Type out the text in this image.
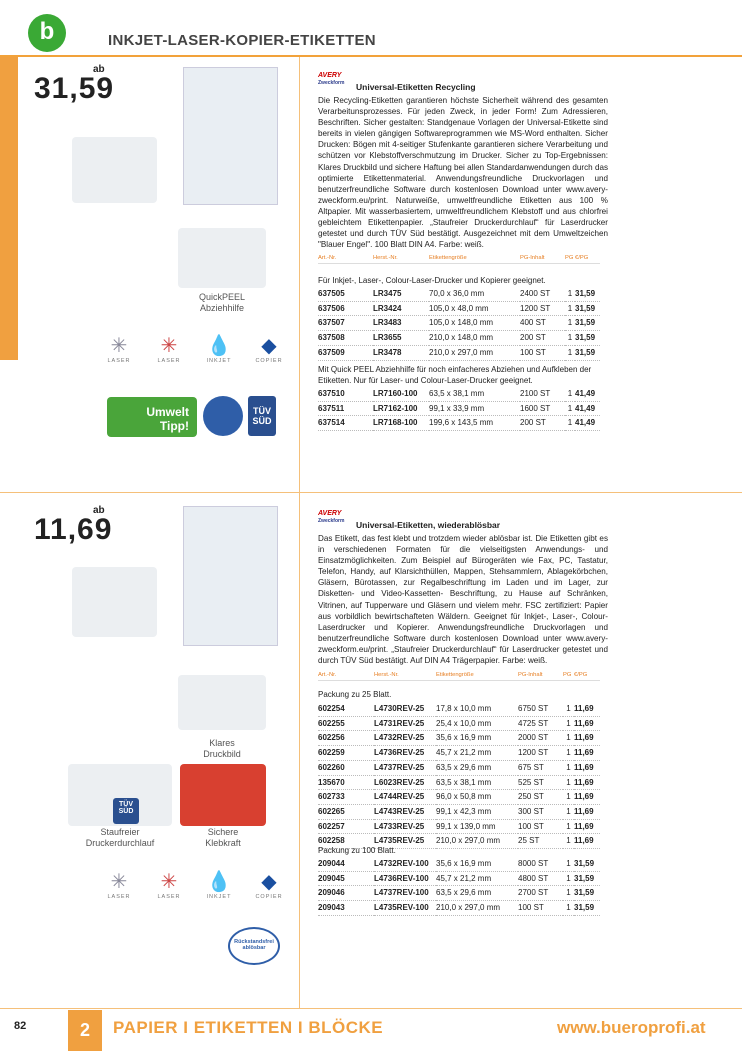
b	INKJET-LASER-KOPIER-ETIKETTEN
ab
31,59
QuickPEEL
Abziehhilfe
✳
LASER
✳
LASER
💧
INKJET
◆
COPIER
Umwelt
Tipp!
TÜV
SÜD
AVERY
Zweckform	Universal-Etiketten Recycling
Die Recycling-Etiketten garantieren höchste Sicherheit während des gesamten Verarbeitunsprozesses. Für jeden Zweck, in jeder Form! Zum Adressieren, Beschriften. Sicher gestalten: Standgenaue Vorlagen der Universal-Etikette sind bereits in vielen gängigen Softwareprogrammen wie MS-Word enthalten. Sicher Drucken: Bögen mit 4-seitiger Stufenkante garantieren sichere Verarbeitung und schützen vor Klebstoffverschmutzung im Drucker. Sicher zu Top-Ergebnissen: Klares Druckbild und sichere Haftung bei allen Standardanwendungen durch das optimierte Etikettenmaterial. Anwendungsfreundliche Druckvorlagen und benutzerfreundliche Software durch kostenlosen Download unter www.avery-zweckform.eu/print. Naturweiße, umweltfreundliche Etiketten aus 100 % Altpapier. Mit wasserbasiertem, umweltfreundlichem Klebstoff und aus chlorfrei gebleichtem Etikettenpapier. „Staufreier Druckerdurchlauf“ für Laserdrucker getestet und durch TÜV Süd bestätigt. Ausgezeichnet mit dem Umweltzeichen "Blauer Engel". 100 Blatt DIN A4. Farbe: weiß.
Art.-Nr.	Herst.-Nr.	Etikettengröße	PG-Inhalt	PG	€/PG
Für Inkjet-, Laser-, Colour-Laser-Drucker und Kopierer geeignet.
637505	LR3475	70,0 x 36,0 mm	2400 ST	1	31,59
637506	LR3424	105,0 x 48,0 mm	1200 ST	1	31,59
637507	LR3483	105,0 x 148,0 mm	400 ST	1	31,59
637508	LR3655	210,0 x 148,0 mm	200 ST	1	31,59
637509	LR3478	210,0 x 297,0 mm	100 ST	1	31,59
Mit Quick PEEL Abziehhilfe für noch einfacheres Abziehen und Aufkleben der Etiketten. Nur für Laser- und Colour-Laser-Drucker geeignet.
637510	LR7160-100	63,5 x 38,1 mm	2100 ST	1	41,49
637511	LR7162-100	99,1 x 33,9 mm	1600 ST	1	41,49
637514	LR7168-100	199,6 x 143,5 mm	200 ST	1	41,49
ab
11,69
Klares
Druckbild
TÜV
SÜD
Staufreier
Druckerdurchlauf
Sichere
Klebkraft
✳
LASER
✳
LASER
💧
INKJET
◆
COPIER
Rückstandsfrei
ablösbar
AVERY
Zweckform	Universal-Etiketten, wiederablösbar
Das Etikett, das fest klebt und trotzdem wieder ablösbar ist. Die Etiketten gibt es in verschiedenen Formaten für die vielseitigsten Anwendungs- und Einsatzmöglichkeiten. Zum Beispiel auf Bürogeräten wie Fax, PC, Tastatur, Telefon, Handy, auf Klarsichthüllen, Mappen, Stehsammlern, Ablagekörbchen, Gläsern, Bürotassen, zur Regalbeschriftung im Laden und im Lager, zur Disketten- und Video-Kassetten- Beschriftung, zu Hause auf Schränken, Vitrinen, auf Tupperware und Gläsern und vielem mehr. FSC zertifiziert: Papier aus vorbildlich bewirtschafteten Wäldern. Geeignet für Inkjet-, Laser-, Colour-Laserdrucker und Kopierer. Anwendungsfreundliche Druckvorlagen und benutzerfreundliche Software durch kostenlosen Download unter www.avery-zweckform.eu/print. „Staufreier Druckerdurchlauf“ für Laserdrucker getestet und durch TÜV Süd bestätigt. Auf DIN A4 Trägerpapier. Farbe: weiß.
Art.-Nr.	Herst.-Nr.	Etikettengröße	PG-Inhalt	PG	€/PG
Packung zu 25 Blatt.
602254	L4730REV-25	17,8 x 10,0 mm	6750 ST	1	11,69
602255	L4731REV-25	25,4 x 10,0 mm	4725 ST	1	11,69
602256	L4732REV-25	35,6 x 16,9 mm	2000 ST	1	11,69
602259	L4736REV-25	45,7 x 21,2 mm	1200 ST	1	11,69
602260	L4737REV-25	63,5 x 29,6 mm	675 ST	1	11,69
135670	L6023REV-25	63,5 x 38,1 mm	525 ST	1	11,69
602733	L4744REV-25	96,0 x 50,8 mm	250 ST	1	11,69
602265	L4743REV-25	99,1 x 42,3 mm	300 ST	1	11,69
602257	L4733REV-25	99,1 x 139,0 mm	100 ST	1	11,69
602258	L4735REV-25	210,0 x 297,0 mm	25 ST	1	11,69
Packung zu 100 Blatt.
209044	L4732REV-100	35,6 x 16,9 mm	8000 ST	1	31,59
209045	L4736REV-100	45,7 x 21,2 mm	4800 ST	1	31,59
209046	L4737REV-100	63,5 x 29,6 mm	2700 ST	1	31,59
209043	L4735REV-100	210,0 x 297,0 mm	100 ST	1	31,59
82	2	PAPIER I ETIKETTEN I BLÖCKE	www.bueroprofi.at
